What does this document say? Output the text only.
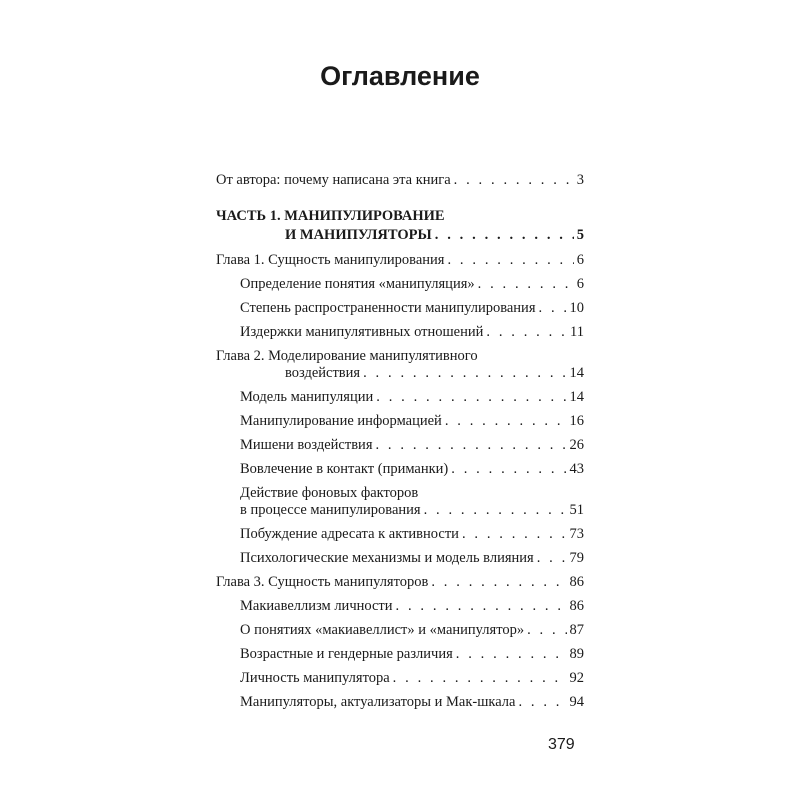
Оглавление
От автора: почему написана эта книга . . .	3
ЧАСТЬ 1. МАНИПУЛИРОВАНИЕ
И МАНИПУЛЯТОРЫ . . .	5
Глава 1. Сущность манипулирования . . .	6
Определение понятия «манипуляция» . . .	6
Степень распространенности манипулирования . . . 10
Издержки манипулятивных отношений . . .	11
Глава 2. Моделирование манипулятивного
воздействия . . .	14
Модель манипуляции . . .	14
Манипулирование информацией . . .	16
Мишени воздействия . . .	26
Вовлечение в контакт (приманки) . . .	43
Действие фоновых факторов
в процессе манипулирования . . .	51
Побуждение адресата к активности . . .	73
Психологические механизмы и модель влияния . . . 79
Глава 3. Сущность манипуляторов . . .	86
Макиавеллизм личности . . .	86
О понятиях «макиавеллист» и «манипулятор» . . .	87
Возрастные и гендерные различия . . .	89
Личность манипулятора . . .	92
Манипуляторы, актуализаторы и Мак-шкала . . .	94
379
